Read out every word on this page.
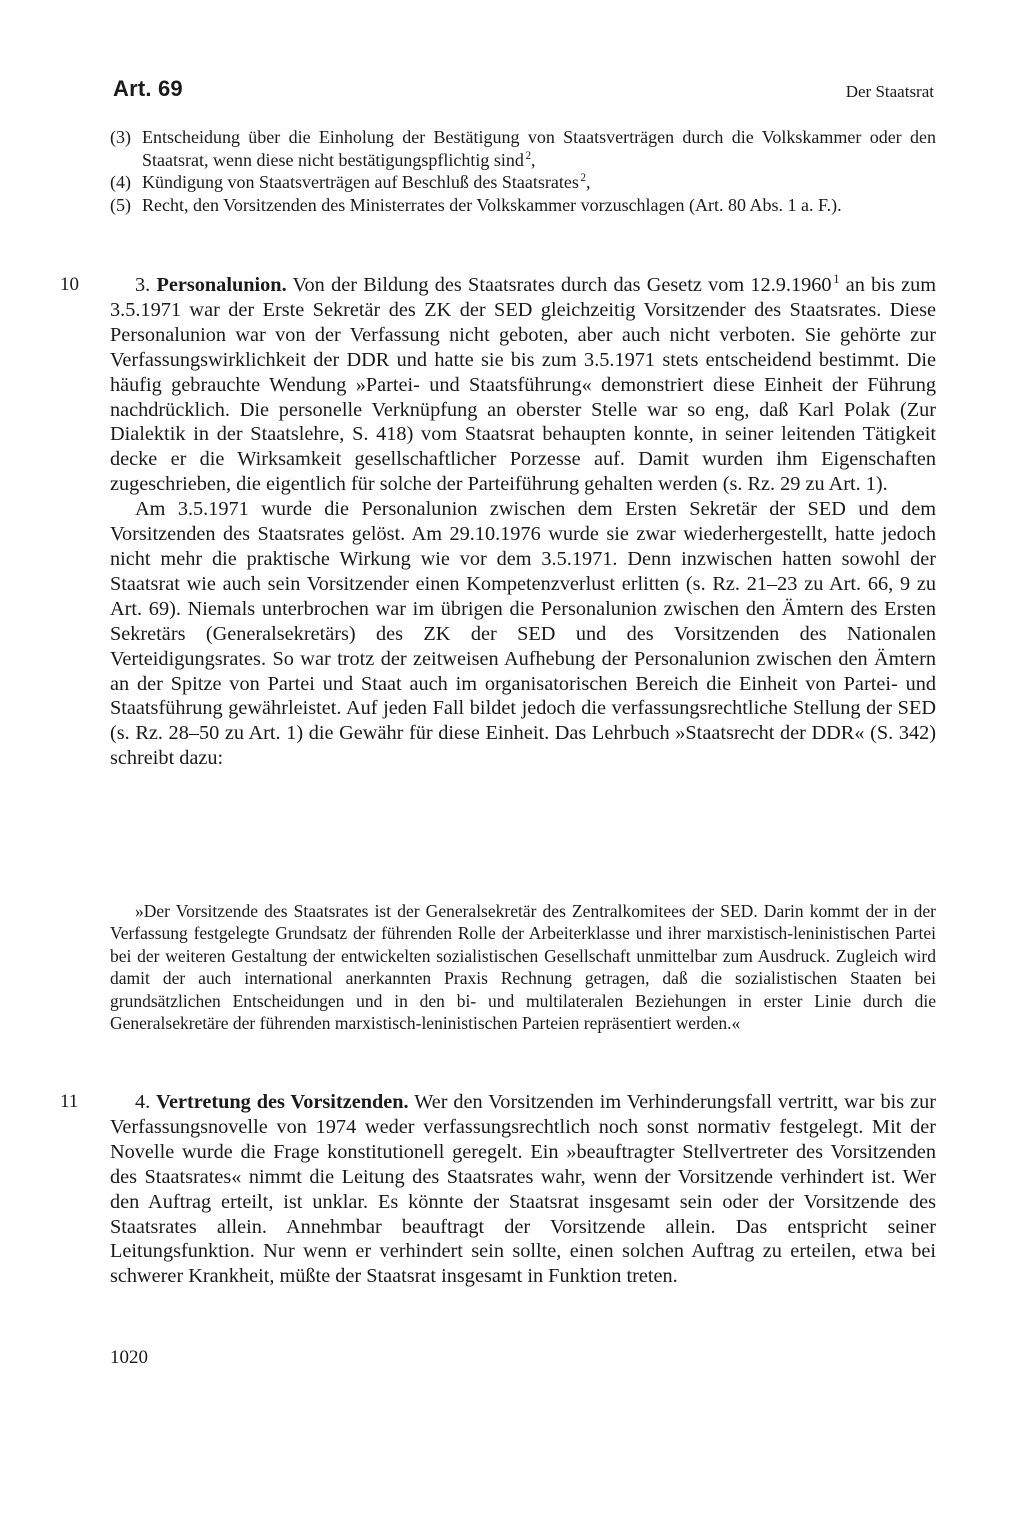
Art. 69	Der Staatsrat

(3) Entscheidung über die Einholung der Bestätigung von Staatsverträgen durch die Volkskammer oder den Staatsrat, wenn diese nicht bestätigungspflichtig sind  $^2$,

(4) Kündigung von Staatsverträgen auf Beschluß des Staatsrates  $^2$,

(5) Recht, den Vorsitzenden des Ministerrates der Volkskammer vorzuschlagen (Art. 80 Abs. 1 a. F.).

10	3. Personalunion. Von der Bildung des Staatsrates durch das Gesetz vom 12.9.1960  $^1$ an bis zum 3.5.1971 war der Erste Sekretär des ZK der SED gleichzeitig Vorsitzender des Staatsrates. Diese Personalunion war von der Verfassung nicht geboten, aber auch nicht verboten. Sie gehörte zur Verfassungswirklichkeit der DDR und hatte sie bis zum 3.5.1971 stets entscheidend bestimmt. Die häufig gebrauchte Wendung »Partei- und Staatsführung« demonstriert diese Einheit der Führung nachdrücklich. Die personelle Verknüpfung an oberster Stelle war so eng, daß Karl Polak (Zur Dialektik in der Staatslehre, S. 418) vom Staatsrat behaupten konnte, in seiner leitenden Tätigkeit decke er die Wirksamkeit gesellschaftlicher Porzesse auf. Damit wurden ihm Eigenschaften zugeschrieben, die eigentlich für solche der Parteiführung gehalten werden (s. Rz. 29 zu Art. 1).

Am 3.5.1971 wurde die Personalunion zwischen dem Ersten Sekretär der SED und dem Vorsitzenden des Staatsrates gelöst. Am 29.10.1976 wurde sie zwar wiederhergestellt, hatte jedoch nicht mehr die praktische Wirkung wie vor dem 3.5.1971. Denn inzwischen hatten sowohl der Staatsrat wie auch sein Vorsitzender einen Kompetenzverlust erlitten (s. Rz. 21–23 zu Art. 66, 9 zu Art. 69). Niemals unterbrochen war im übrigen die Personalunion zwischen den Ämtern des Ersten Sekretärs (Generalsekretärs) des ZK der SED und des Vorsitzenden des Nationalen Verteidigungsrates. So war trotz der zeitweisen Aufhebung der Personalunion zwischen den Ämtern an der Spitze von Partei und Staat auch im organisatorischen Bereich die Einheit von Partei- und Staatsführung gewährleistet. Auf jeden Fall bildet jedoch die verfassungsrechtliche Stellung der SED (s. Rz. 28–50 zu Art. 1) die Gewähr für diese Einheit. Das Lehrbuch »Staatsrecht der DDR« (S. 342) schreibt dazu:

»Der Vorsitzende des Staatsrates ist der Generalsekretär des Zentralkomitees der SED. Darin kommt der in der Verfassung festgelegte Grundsatz der führenden Rolle der Arbeiterklasse und ihrer marxistisch-leninistischen Partei bei der weiteren Gestaltung der entwickelten sozialistischen Gesellschaft unmittelbar zum Ausdruck. Zugleich wird damit der auch international anerkannten Praxis Rechnung getragen, daß die sozialistischen Staaten bei grundsätzlichen Entscheidungen und in den bi- und multilateralen Beziehungen in erster Linie durch die Generalsekretäre der führenden marxistisch-leninistischen Parteien repräsentiert werden.«

11	4. Vertretung des Vorsitzenden. Wer den Vorsitzenden im Verhinderungsfall vertritt, war bis zur Verfassungsnovelle von 1974 weder verfassungsrechtlich noch sonst normativ festgelegt. Mit der Novelle wurde die Frage konstitutionell geregelt. Ein »beauftragter Stellvertreter des Vorsitzenden des Staatsrates« nimmt die Leitung des Staatsrates wahr, wenn der Vorsitzende verhindert ist. Wer den Auftrag erteilt, ist unklar. Es könnte der Staatsrat insgesamt sein oder der Vorsitzende des Staatsrates allein. Annehmbar beauftragt der Vorsitzende allein. Das entspricht seiner Leitungsfunktion. Nur wenn er verhindert sein sollte, einen solchen Auftrag zu erteilen, etwa bei schwerer Krankheit, müßte der Staatsrat insgesamt in Funktion treten.

1020
